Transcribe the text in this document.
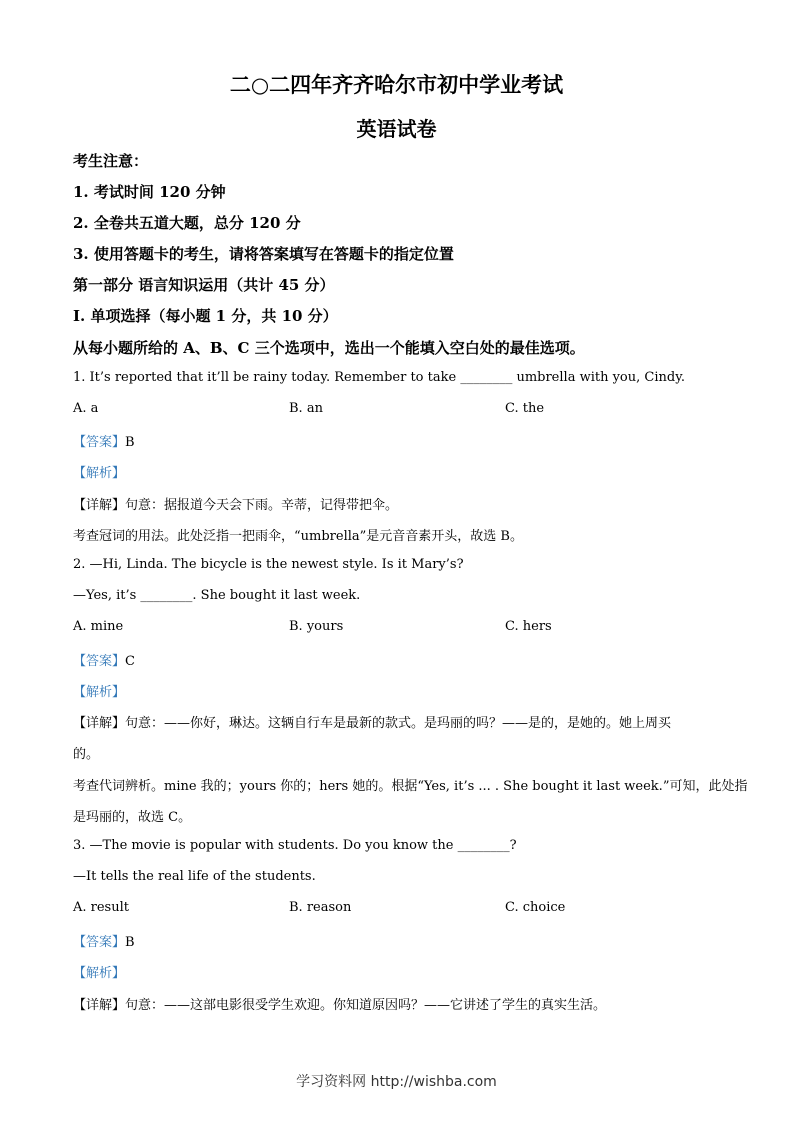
二○二四年齐齐哈尔市初中学业考试
英语试卷
考生注意：
1. 考试时间 120 分钟
2. 全卷共五道大题，总分 120 分
3. 使用答题卡的考生，请将答案填写在答题卡的指定位置
第一部分 语言知识运用（共计 45 分）
I. 单项选择（每小题 1 分，共 10 分）
从每小题所给的 A、B、C 三个选项中，选出一个能填入空白处的最佳选项。
1. It’s reported that it’ll be rainy today. Remember to take ________ umbrella with you, Cindy.
A. a	B. an	C. the
【答案】B
【解析】
【详解】句意：据报道今天会下雨。辛蒂，记得带把伞。
考查冠词的用法。此处泛指一把雨伞，“umbrella”是元音音素开头，故选 B。
2. —Hi, Linda. The bicycle is the newest style. Is it Mary’s?
—Yes, it’s ________. She bought it last week.
A. mine	B. yours	C. hers
【答案】C
【解析】
【详解】句意：——你好，琳达。这辆自行车是最新的款式。是玛丽的吗？——是的，是她的。她上周买
的。
考查代词辨析。mine 我的；yours 你的；hers 她的。根据“Yes, it’s ... . She bought it last week.”可知，此处指
是玛丽的，故选 C。
3. —The movie is popular with students. Do you know the ________?
—It tells the real life of the students.
A. result	B. reason	C. choice
【答案】B
【解析】
【详解】句意：——这部电影很受学生欢迎。你知道原因吗？——它讲述了学生的真实生活。
学习资料网 http://wishba.com
